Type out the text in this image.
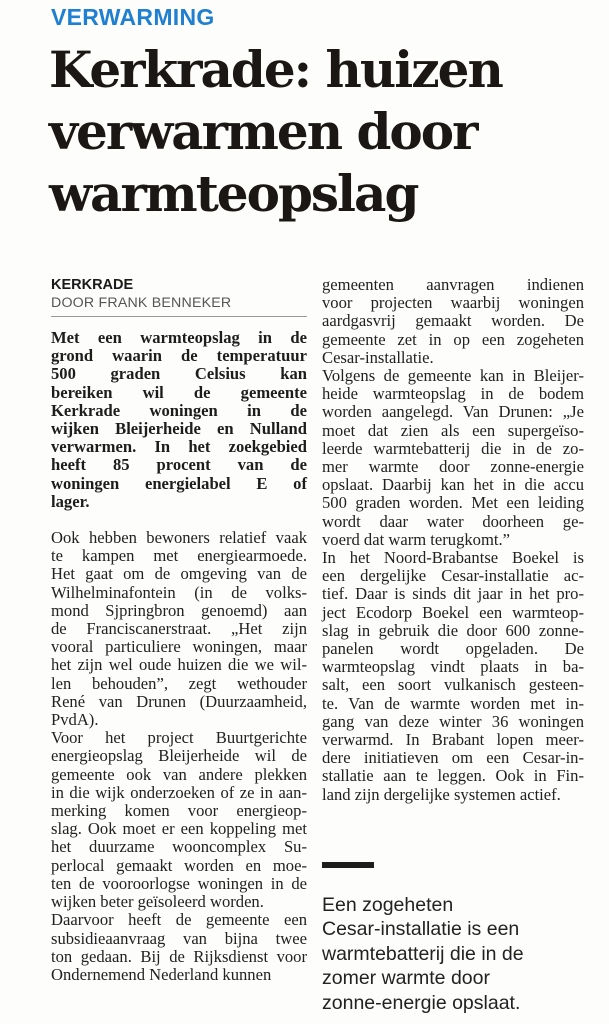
VERWARMING
Kerkrade: huizen
verwarmen door
warmteopslag

KERKRADE

DOOR FRANK BENNEKER

Met een warmteopslag in de
grond waarin de temperatuur
500 graden Celsius kan
bereiken wil de gemeente
Kerkrade woningen in de
wijken Bleijerheide en Nulland
verwarmen. In het zoekgebied
heeft 85 procent van de
woningen energielabel E of
lager.

Ook hebben bewoners relatief vaak
te kampen met energiearmoede.
Het gaat om de omgeving van de
Wilhelminafontein (in de volks-
mond Sjpringbron genoemd) aan
de Franciscanerstraat. „Het zijn
vooral particuliere woningen, maar
het zijn wel oude huizen die we wil-
len behouden”, zegt wethouder
René van Drunen (Duurzaamheid,
PvdA).
Voor het project Buurtgerichte
energieopslag Bleijerheide wil de
gemeente ook van andere plekken
in die wijk onderzoeken of ze in aan-
merking komen voor energieop-
slag. Ook moet er een koppeling met
het duurzame wooncomplex Su-
perlocal gemaakt worden en moe-
ten de vooroorlogse woningen in de
wijken beter geïsoleerd worden.
Daarvoor heeft de gemeente een
subsidieaanvraag van bijna twee
ton gedaan. Bij de Rijksdienst voor
Ondernemend Nederland kunnen

gemeenten aanvragen indienen
voor projecten waarbij woningen
aardgasvrij gemaakt worden. De
gemeente zet in op een zogeheten
Cesar-installatie.
Volgens de gemeente kan in Bleijer-
heide warmteopslag in de bodem
worden aangelegd. Van Drunen: „Je
moet dat zien als een supergeïso-
leerde warmtebatterij die in de zo-
mer warmte door zonne-energie
opslaat. Daarbij kan het in die accu
500 graden worden. Met een leiding
wordt daar water doorheen ge-
voerd dat warm terugkomt.”
In het Noord-Brabantse Boekel is
een dergelijke Cesar-installatie ac-
tief. Daar is sinds dit jaar in het pro-
ject Ecodorp Boekel een warmteop-
slag in gebruik die door 600 zonne-
panelen wordt opgeladen. De
warmteopslag vindt plaats in ba-
salt, een soort vulkanisch gesteen-
te. Van de warmte worden met in-
gang van deze winter 36 woningen
verwarmd. In Brabant lopen meer-
dere initiatieven om een Cesar-in-
stallatie aan te leggen. Ook in Fin-
land zijn dergelijke systemen actief.

Een zogeheten
Cesar-installatie is een
warmtebatterij die in de
zomer warmte door
zonne-energie opslaat.
